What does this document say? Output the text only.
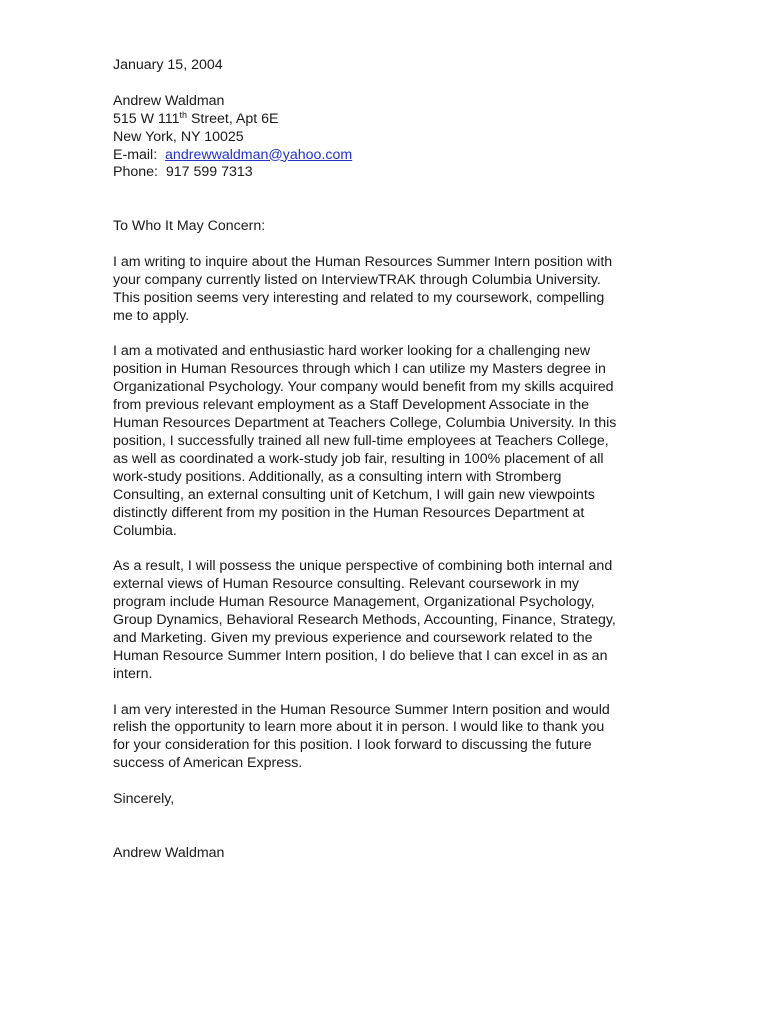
January 15, 2004
Andrew Waldman
515 W 111th Street, Apt 6E
New York, NY 10025
E-mail: andrewwaldman@yahoo.com
Phone: 917 599 7313
To Who It May Concern:
I am writing to inquire about the Human Resources Summer Intern position with
your company currently listed on InterviewTRAK through Columbia University.
This position seems very interesting and related to my coursework, compelling
me to apply.
I am a motivated and enthusiastic hard worker looking for a challenging new
position in Human Resources through which I can utilize my Masters degree in
Organizational Psychology. Your company would benefit from my skills acquired
from previous relevant employment as a Staff Development Associate in the
Human Resources Department at Teachers College, Columbia University. In this
position, I successfully trained all new full-time employees at Teachers College,
as well as coordinated a work-study job fair, resulting in 100% placement of all
work-study positions. Additionally, as a consulting intern with Stromberg
Consulting, an external consulting unit of Ketchum, I will gain new viewpoints
distinctly different from my position in the Human Resources Department at
Columbia.
As a result, I will possess the unique perspective of combining both internal and
external views of Human Resource consulting. Relevant coursework in my
program include Human Resource Management, Organizational Psychology,
Group Dynamics, Behavioral Research Methods, Accounting, Finance, Strategy,
and Marketing. Given my previous experience and coursework related to the
Human Resource Summer Intern position, I do believe that I can excel in as an
intern.
I am very interested in the Human Resource Summer Intern position and would
relish the opportunity to learn more about it in person. I would like to thank you
for your consideration for this position. I look forward to discussing the future
success of American Express.
Sincerely,
Andrew Waldman
